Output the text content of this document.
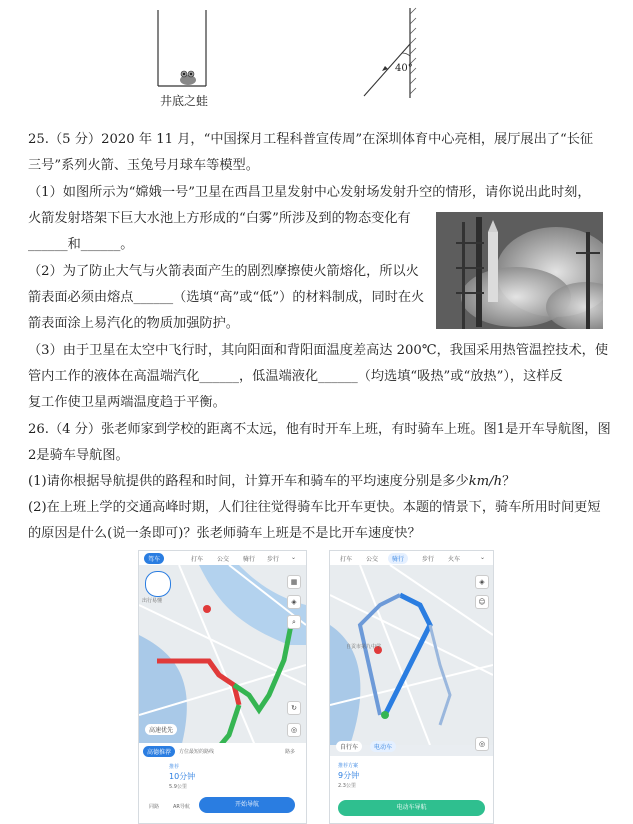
井底之蛙
40°
25.（5 分）2020 年 11 月，“中国探月工程科普宣传周”在深圳体育中心亮相，展厅展出了“长征
三号”系列火箭、玉兔号月球车等模型。
（1）如图所示为“嫦娥一号”卫星在西昌卫星发射中心发射场发射升空的情形，请你说出此时刻，
火箭发射塔架下巨大水池上方形成的“白雾”所涉及到的物态变化有
______和______。
（2）为了防止大气与火箭表面产生的剧烈摩擦使火箭熔化，所以火
箭表面必须由熔点______（选填“高”或“低”）的材料制成，同时在火
箭表面涂上易汽化的物质加强防护。
（3）由于卫星在太空中飞行时，其向阳面和背阳面温度差高达 200℃，我国采用热管温控技术，使
管内工作的液体在高温端汽化______，低温端液化______（均选填“吸热”或“放热”），这样反
复工作使卫星两端温度趋于平衡。
26.（4 分）张老师家到学校的距离不太远，他有时开车上班，有时骑车上班。图1是开车导航图，图
2是骑车导航图。
(1)请你根据导航提供的路程和时间，计算开车和骑车的平均速度分别是多少km/h？
(2)在上班上学的交通高峰时期，人们往往觉得骑车比开车更快。本题的情景下，骑车所用时间更短
的原因是什么(说一条即可)？张老师骑车上班是不是比开车速度快？
驾车	打车 公交 骑行 步行 ⌄
出行易懂
▦
◈
⌕
↻
◎
高速优先
高德推荐	方位最短的路线	路多
推荐
10分钟
5.9公里
同路	AR导航	开始导航
打车 公交	骑行	步行 火车	⌄
自贡市第九中学
◈
☺
◎
自行车	电动车
推荐方案
9分钟
2.3公里
电动车导航
